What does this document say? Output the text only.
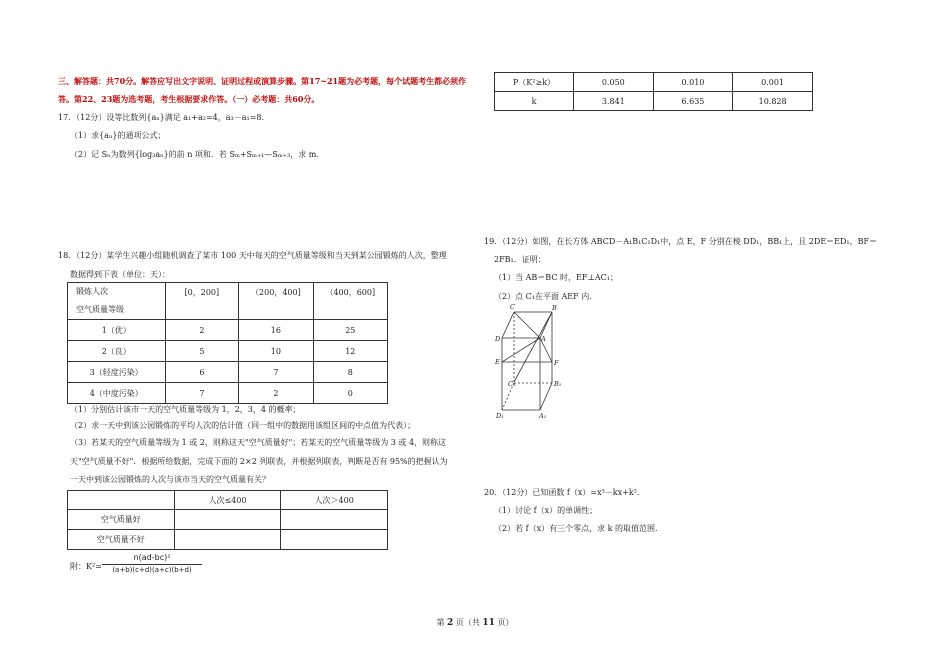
三、解答题：共70分。解答应写出文字说明、证明过程或演算步骤。第17~21题为必考题，每个试题考生都必须作
答。第22、23题为选考题，考生根据要求作答。（一）必考题：共60分。
17．（12分）设等比数列{aₙ}满足 a₁+a₂=4，a₃－a₁=8．
（1）求{aₙ}的通项公式；
（2）记 Sₙ为数列{log₃aₙ}的前 n 项和．若 Sₘ+Sₘ₊₁—Sₘ₊₃，求 m.
18．（12分）某学生兴趣小组随机调查了某市 100 天中每天的空气质量等级和当天到某公园锻炼的人次，整理
数据得到下表（单位：天）：
锻炼人次
空气质量等级	[0，200]	（200，400]	（400，600]
1（优）	2	16	25
2（良）	5	10	12
3（轻度污染）	6	7	8
4（中度污染）	7	2	0
（1）分别估计该市一天的空气质量等级为 1，2，3，4 的概率；
（2）求一天中到该公园锻炼的平均人次的估计值（同一组中的数据用该组区间的中点值为代表）；
（3）若某天的空气质量等级为 1 或 2，则称这天"空气质量好"；若某天的空气质量等级为 3 或 4，则称这
天"空气质量不好"．根据所给数据，完成下面的 2×2 列联表，并根据列联表，判断是否有 95%的把握认为
一天中到该公园锻炼的人次与该市当天的空气质量有关？
	人次≤400	人次＞400
空气质量好		
空气质量不好		
附：K²=
n(ad-bc)²
(a+b)(c+d)(a+c)(b+d)
P（K²≥k）	0.050	0.010	0.001
k	3.841	6.635	10.828
19．（12分）如图，在长方体 ABCD－A₁B₁C₁D₁中，点 E，F 分别在棱 DD₁，BB₁上，且 2DE＝ED₁，BF＝
2FB₁．证明：
（1）当 AB＝BC 时，EF⊥AC₁；
（2）点 C₁在平面 AEF 内.
C	B
D	A
E	F
C₁	B₁
D₁	A₁
20．（12分）已知函数 f（x）=x³－kx+k².
（1）讨论 f（x）的单调性；
（2）若 f（x）有三个零点，求 k 的取值范围.
第 2 页（共 11 页）
